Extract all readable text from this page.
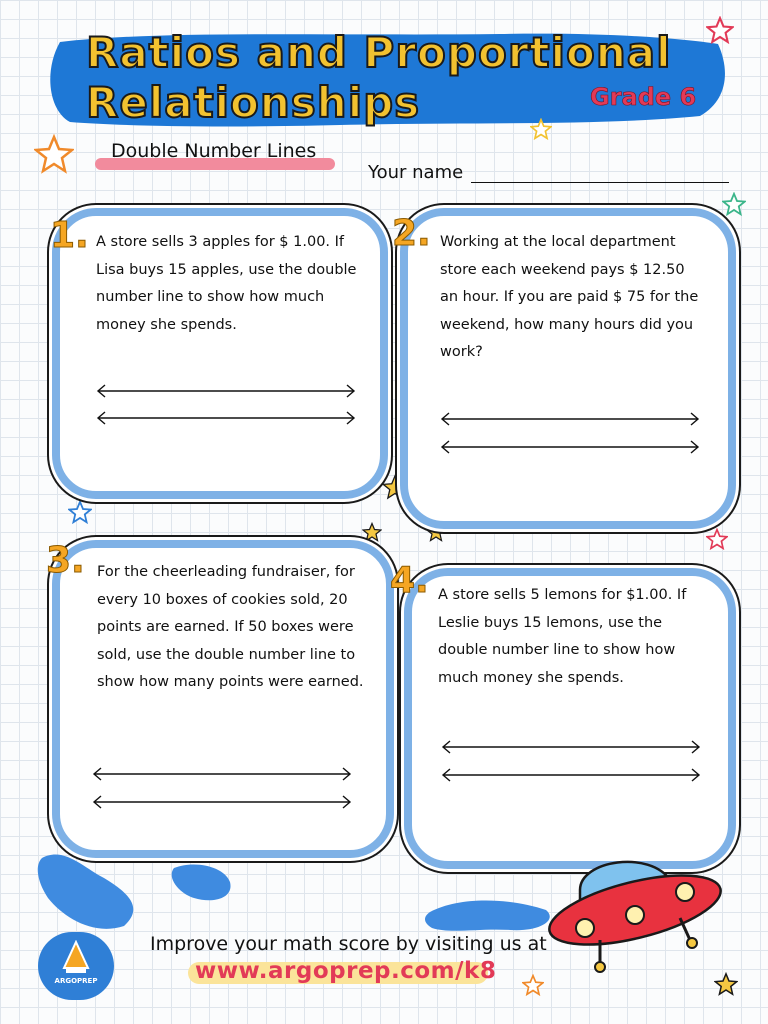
Ratios and Proportional
Relationships	Grade 6
Double Number Lines
Your name
1. A store sells 3 apples for $ 1.00. If Lisa buys 15 apples, use the double number line to show how much money she spends.
2. Working at the local department store each weekend pays $ 12.50 an hour. If you are paid $ 75 for the weekend, how many hours did you work?
3. For the cheerleading fundraiser, for every 10 boxes of cookies sold, 20 points are earned. If 50 boxes were sold, use the double number line to show how many points were earned.
4. A store sells 5 lemons for $1.00. If Leslie buys 15 lemons, use the double number line to show how much money she spends.
ARGOPREP
Improve your math score by visiting us at
www.argoprep.com/k8
